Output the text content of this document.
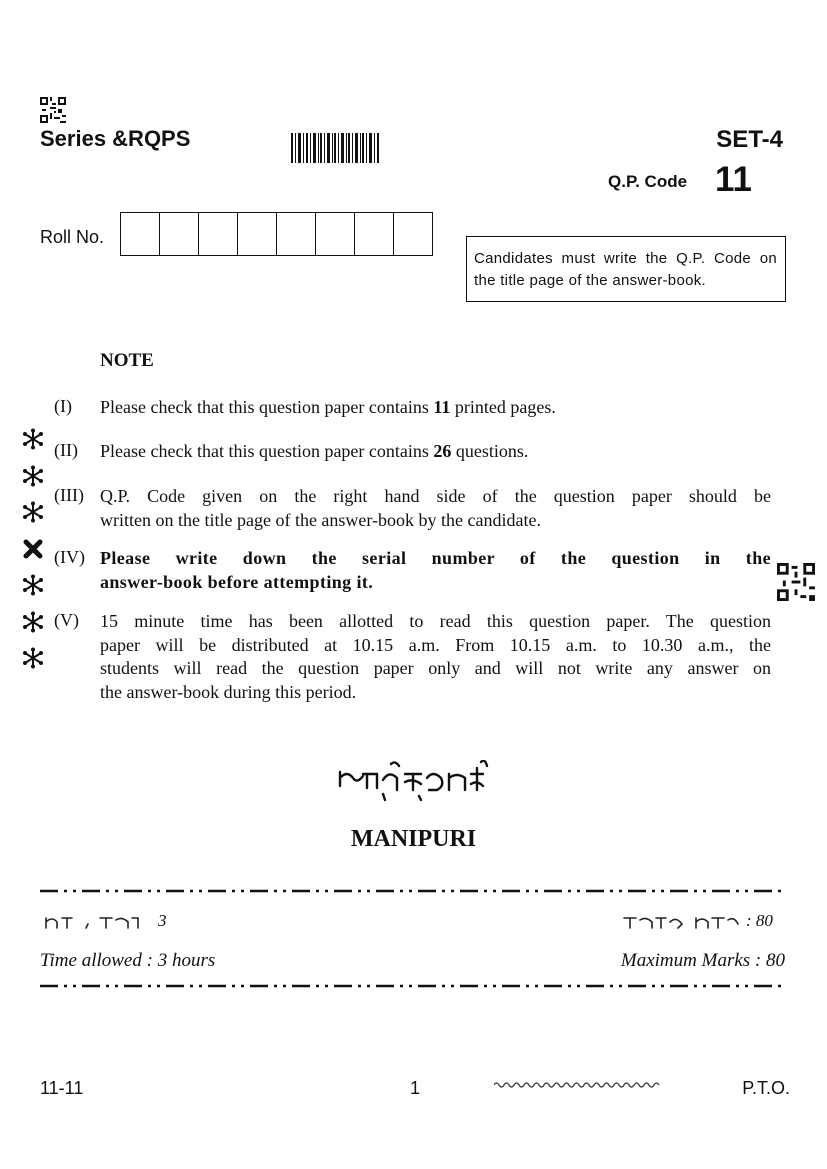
Series &RQPS	SET-4
Q.P. Code 11
Roll No.
Candidates must write the Q.P. Code on the title page of the answer-book.
NOTE
(I) Please check that this question paper contains 11 printed pages.
(II) Please check that this question paper contains 26 questions.
(III) Q.P. Code given on the right hand side of the question paper should be
written on the title page of the answer-book by the candidate.
(IV) Please write down the serial number of the question in the
answer-book before attempting it.
(V) 15 minute time has been allotted to read this question paper. The question
paper will be distributed at 10.15 a.m. From 10.15 a.m. to 10.30 a.m., the
students will read the question paper only and will not write any answer on
the answer-book during this period.

MANIPURI
3	: 80
Time allowed : 3 hours	Maximum Marks : 80
11-11	1	P.T.O.
